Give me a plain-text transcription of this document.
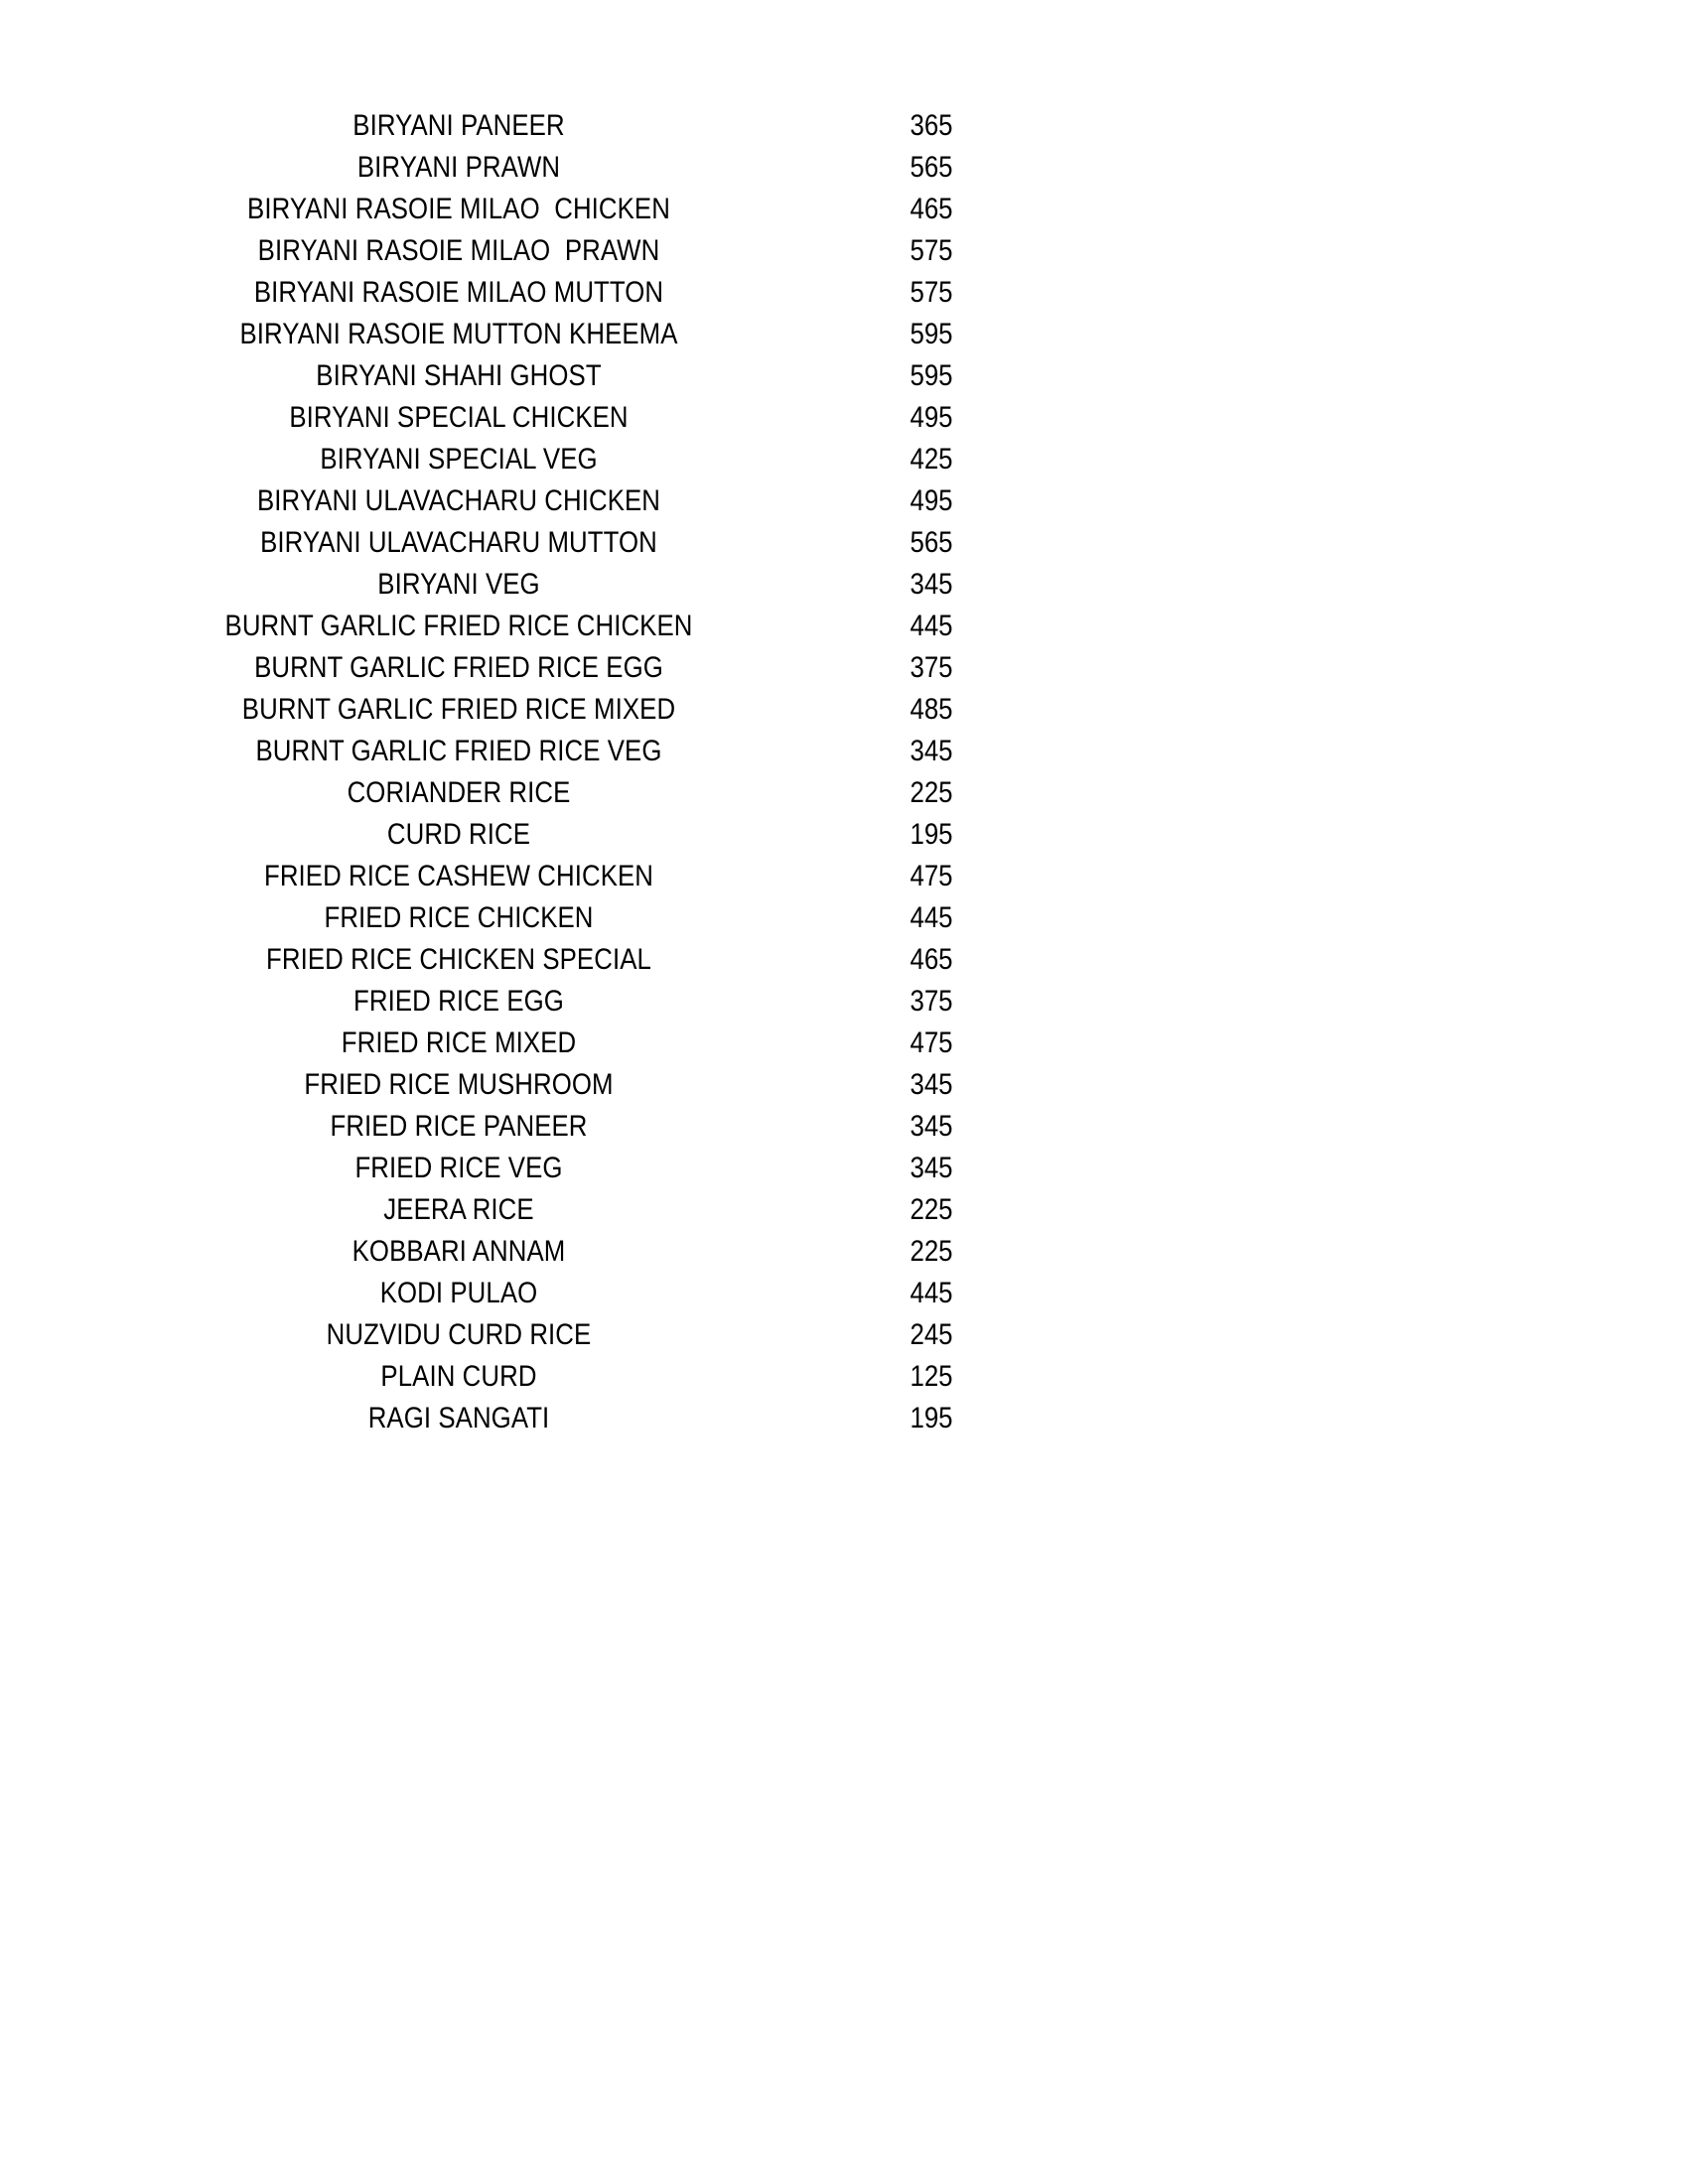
BIRYANI PANEER	365
BIRYANI PRAWN	565
BIRYANI RASOIE MILAO  CHICKEN	465
BIRYANI RASOIE MILAO  PRAWN	575
BIRYANI RASOIE MILAO MUTTON	575
BIRYANI RASOIE MUTTON KHEEMA	595
BIRYANI SHAHI GHOST	595
BIRYANI SPECIAL CHICKEN	495
BIRYANI SPECIAL VEG	425
BIRYANI ULAVACHARU CHICKEN	495
BIRYANI ULAVACHARU MUTTON	565
BIRYANI VEG	345
BURNT GARLIC FRIED RICE CHICKEN	445
BURNT GARLIC FRIED RICE EGG	375
BURNT GARLIC FRIED RICE MIXED	485
BURNT GARLIC FRIED RICE VEG	345
CORIANDER RICE	225
CURD RICE	195
FRIED RICE CASHEW CHICKEN	475
FRIED RICE CHICKEN	445
FRIED RICE CHICKEN SPECIAL	465
FRIED RICE EGG	375
FRIED RICE MIXED	475
FRIED RICE MUSHROOM	345
FRIED RICE PANEER	345
FRIED RICE VEG	345
JEERA RICE	225
KOBBARI ANNAM	225
KODI PULAO	445
NUZVIDU CURD RICE	245
PLAIN CURD	125
RAGI SANGATI	195
